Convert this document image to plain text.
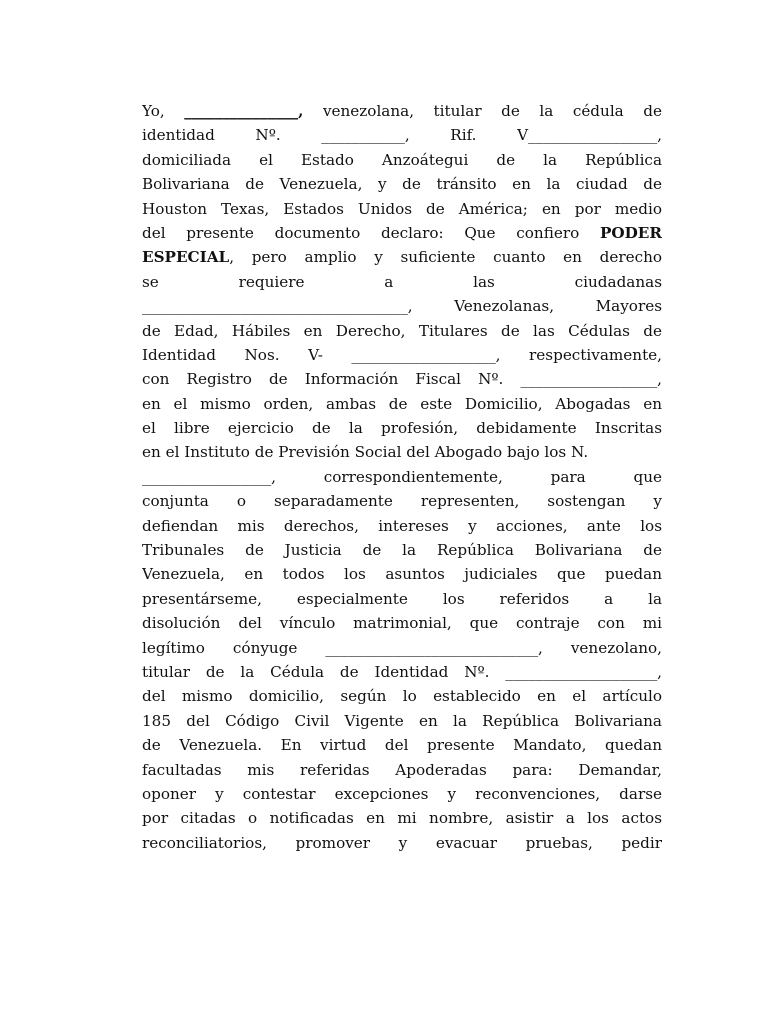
Yo, _______________, venezolana, titular de la cédula de
identidad Nº. ___________, Rif. V_________________,
domiciliada el Estado Anzoátegui de la República
Bolivariana de Venezuela, y de tránsito en la ciudad de
Houston Texas, Estados Unidos de América; en por medio
del presente documento declaro: Que confiero PODER
ESPECIAL, pero amplio y suficiente cuanto en derecho
se requiere a las ciudadanas
___________________________________, Venezolanas, Mayores
de Edad, Hábiles en Derecho, Titulares de las Cédulas de
Identidad Nos. V- ___________________, respectivamente,
con Registro de Información Fiscal Nº. __________________,
en el mismo orden, ambas de este Domicilio, Abogadas en
el libre ejercicio de la profesión, debidamente Inscritas
en el Instituto de Previsión Social del Abogado bajo los N.
_________________, correspondientemente, para que
conjunta o separadamente representen, sostengan y
defiendan mis derechos, intereses y acciones, ante los
Tribunales de Justicia de la República Bolivariana de
Venezuela, en todos los asuntos judiciales que puedan
presentárseme, especialmente los referidos a la
disolución del vínculo matrimonial, que contraje con mi
legítimo cónyuge ____________________________, venezolano,
titular de la Cédula de Identidad Nº. ____________________,
del mismo domicilio, según lo establecido en el artículo
185 del Código Civil Vigente en la República Bolivariana
de Venezuela. En virtud del presente Mandato, quedan
facultadas mis referidas Apoderadas para: Demandar,
oponer y contestar excepciones y reconvenciones, darse
por citadas o notificadas en mi nombre, asistir a los actos
reconciliatorios, promover y evacuar pruebas, pedir
